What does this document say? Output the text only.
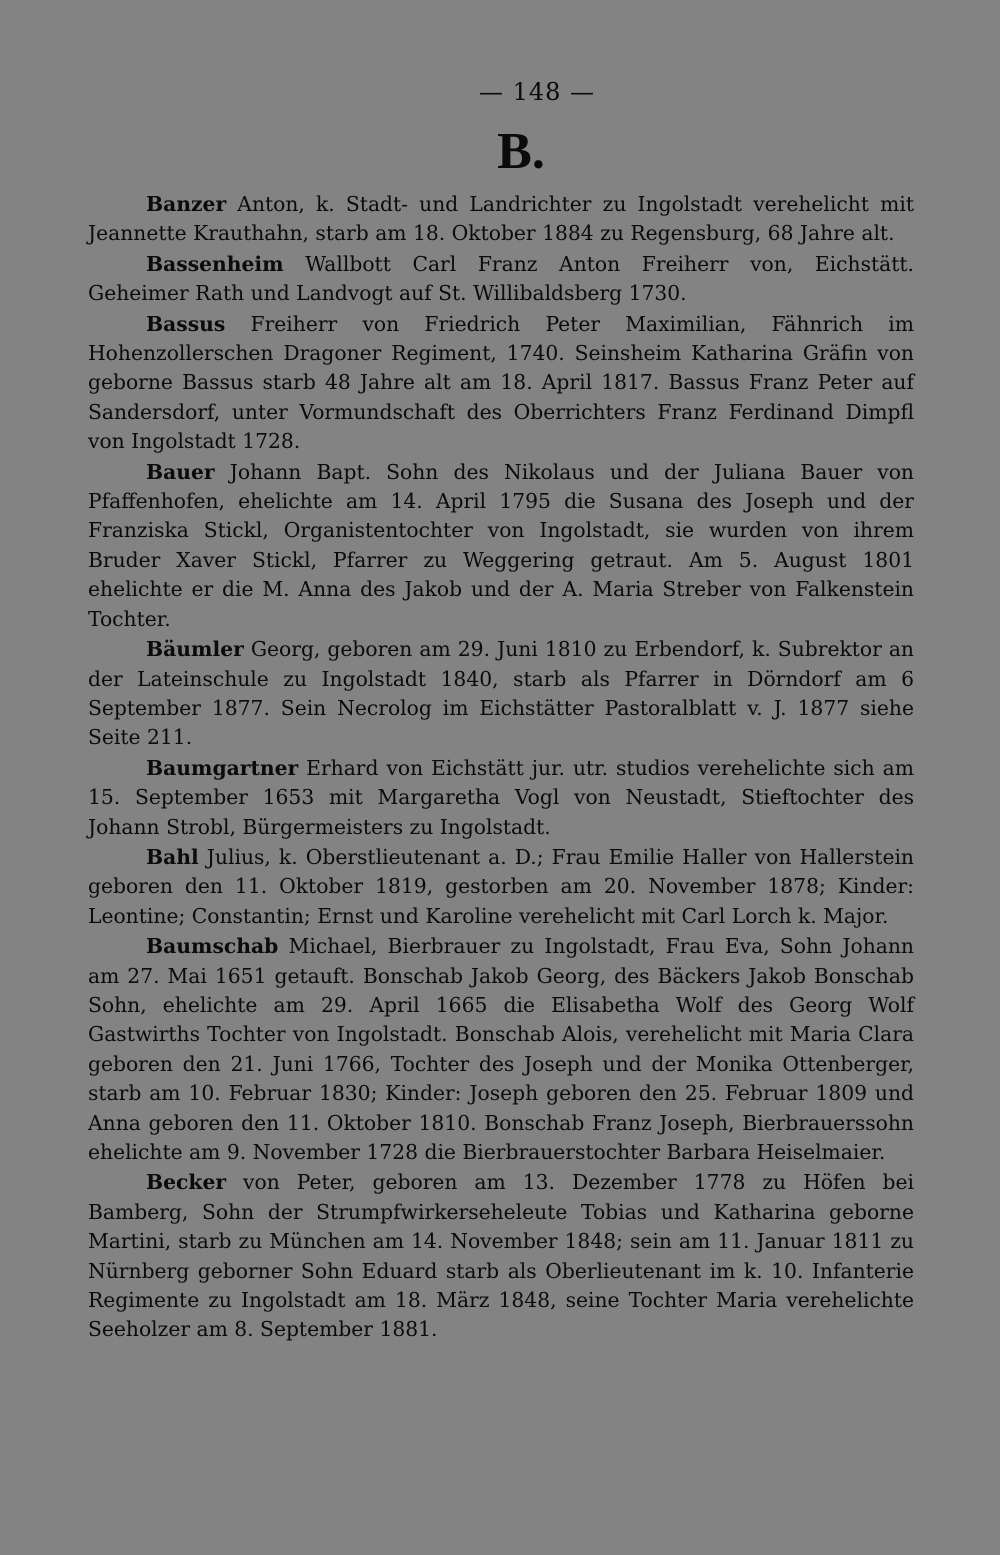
— 148 —
B.

Banzer Anton, k. Stadt- und Landrichter zu Ingolstadt verehelicht mit Jeannette Krauthahn, starb am 18. Oktober 1884 zu Regensburg, 68 Jahre alt.

Bassenheim Wallbott Carl Franz Anton Freiherr von, Eichstätt. Geheimer Rath und Landvogt auf St. Willibaldsberg 1730.

Bassus Freiherr von Friedrich Peter Maximilian, Fähnrich im Hohenzollerschen Dragoner Regiment, 1740. Seinsheim Katharina Gräfin von geborne Bassus starb 48 Jahre alt am 18. April 1817. Bassus Franz Peter auf Sandersdorf, unter Vormundschaft des Oberrichters Franz Ferdinand Dimpfl von Ingolstadt 1728.

Bauer Johann Bapt. Sohn des Nikolaus und der Juliana Bauer von Pfaffenhofen, ehelichte am 14. April 1795 die Susana des Joseph und der Franziska Stickl, Organistentochter von Ingolstadt, sie wurden von ihrem Bruder Xaver Stickl, Pfarrer zu Weggering getraut. Am 5. August 1801 ehelichte er die M. Anna des Jakob und der A. Maria Streber von Falkenstein Tochter.

Bäumler Georg, geboren am 29. Juni 1810 zu Erbendorf, k. Subrektor an der Lateinschule zu Ingolstadt 1840, starb als Pfarrer in Dörndorf am 6 September 1877. Sein Necrolog im Eichstätter Pastoralblatt v. J. 1877 siehe Seite 211.

Baumgartner Erhard von Eichstätt jur. utr. studios verehelichte sich am 15. September 1653 mit Margaretha Vogl von Neustadt, Stieftochter des Johann Strobl, Bürgermeisters zu Ingolstadt.

Bahl Julius, k. Oberstlieutenant a. D.; Frau Emilie Haller von Hallerstein geboren den 11. Oktober 1819, gestorben am 20. November 1878; Kinder: Leontine; Constantin; Ernst und Karoline verehelicht mit Carl Lorch k. Major.

Baumschab Michael, Bierbrauer zu Ingolstadt, Frau Eva, Sohn Johann am 27. Mai 1651 getauft. Bonschab Jakob Georg, des Bäckers Jakob Bonschab Sohn, ehelichte am 29. April 1665 die Elisabetha Wolf des Georg Wolf Gastwirths Tochter von Ingolstadt. Bonschab Alois, verehelicht mit Maria Clara geboren den 21. Juni 1766, Tochter des Joseph und der Monika Ottenberger, starb am 10. Februar 1830; Kinder: Joseph geboren den 25. Februar 1809 und Anna geboren den 11. Oktober 1810. Bonschab Franz Joseph, Bierbrauerssohn ehelichte am 9. November 1728 die Bierbrauerstochter Barbara Heiselmaier.

Becker von Peter, geboren am 13. Dezember 1778 zu Höfen bei Bamberg, Sohn der Strumpfwirkerseheleute Tobias und Katharina geborne Martini, starb zu München am 14. November 1848; sein am 11. Januar 1811 zu Nürnberg geborner Sohn Eduard starb als Oberlieutenant im k. 10. Infanterie Regimente zu Ingolstadt am 18. März 1848, seine Tochter Maria verehelichte Seeholzer am 8. September 1881.
